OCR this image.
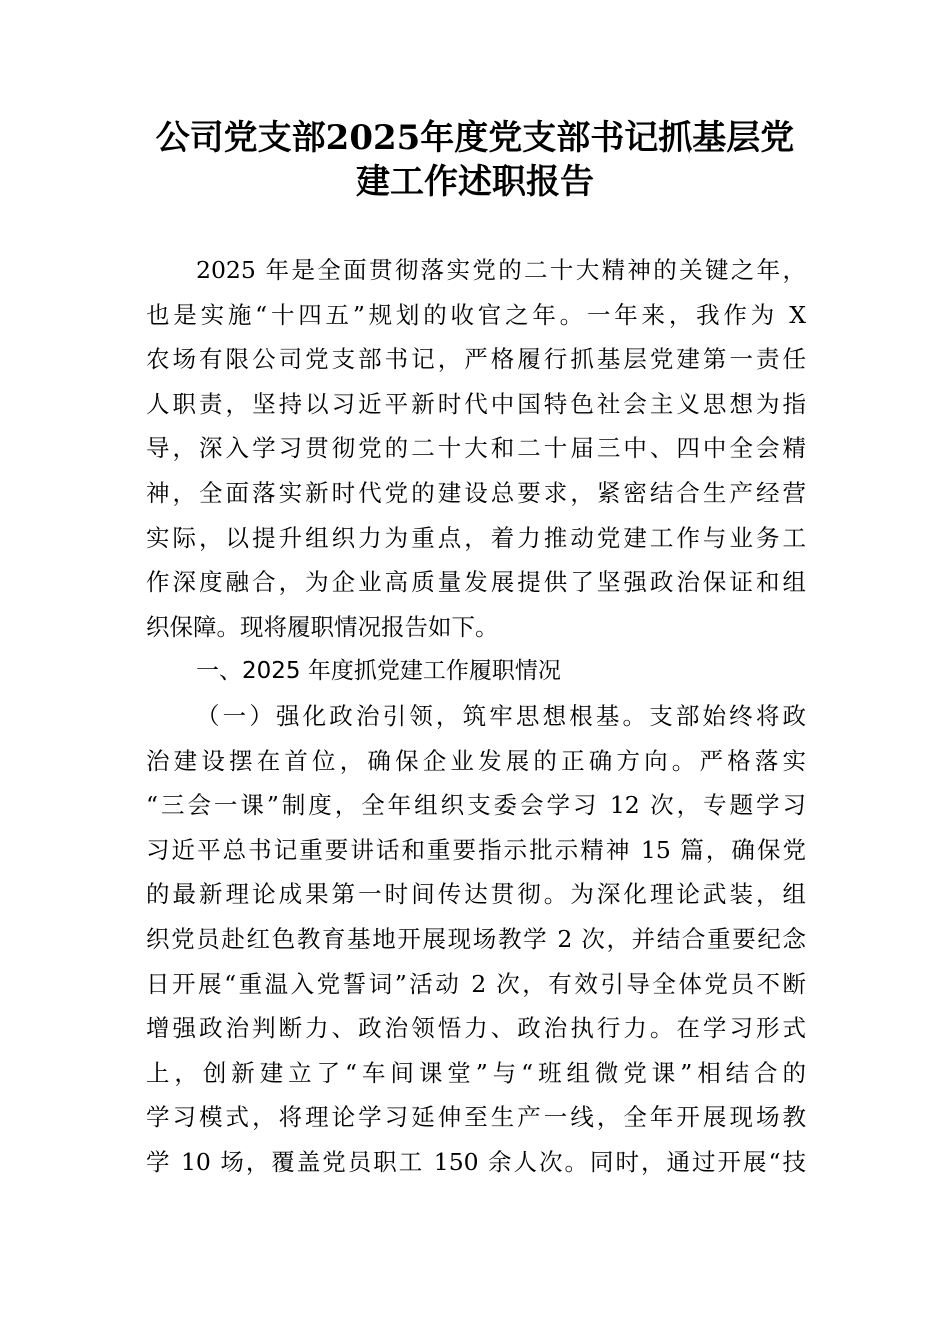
公司党支部2025年度党支部书记抓基层党
建工作述职报告
2025 年是全面贯彻落实党的二十大精神的关键之年，
也是实施“十四五”规划的收官之年。一年来，我作为 X
农场有限公司党支部书记，严格履行抓基层党建第一责任
人职责，坚持以习近平新时代中国特色社会主义思想为指
导，深入学习贯彻党的二十大和二十届三中、四中全会精
神，全面落实新时代党的建设总要求，紧密结合生产经营
实际，以提升组织力为重点，着力推动党建工作与业务工
作深度融合，为企业高质量发展提供了坚强政治保证和组
织保障。现将履职情况报告如下。
一、2025 年度抓党建工作履职情况
（一）强化政治引领，筑牢思想根基。支部始终将政
治建设摆在首位，确保企业发展的正确方向。严格落实
“三会一课”制度，全年组织支委会学习 12 次，专题学习
习近平总书记重要讲话和重要指示批示精神 15 篇，确保党
的最新理论成果第一时间传达贯彻。为深化理论武装，组
织党员赴红色教育基地开展现场教学 2 次，并结合重要纪念
日开展“重温入党誓词”活动 2 次，有效引导全体党员不断
增强政治判断力、政治领悟力、政治执行力。在学习形式
上，创新建立了“车间课堂”与“班组微党课”相结合的
学习模式，将理论学习延伸至生产一线，全年开展现场教
学 10 场，覆盖党员职工 150 余人次。同时，通过开展“技
